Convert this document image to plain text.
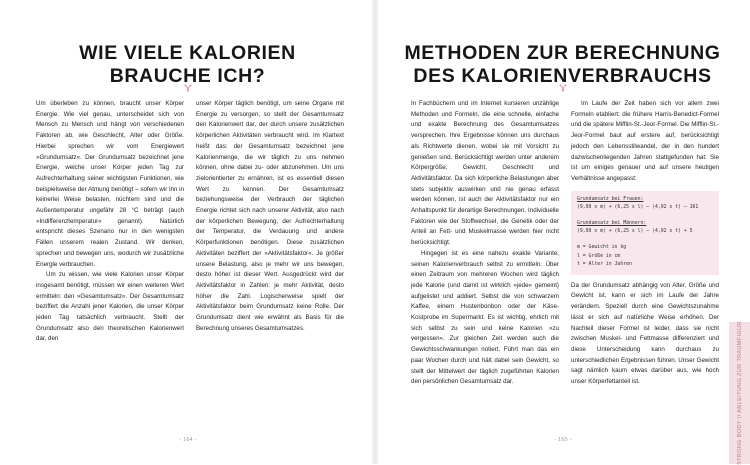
WIE VIELE KALORIEN
BRAUCHE ICH?

Um überleben zu können, braucht unser Körper Energie. Wie viel genau, unterscheidet sich von Mensch zu Mensch und hängt von verschiedenen Faktoren ab, wie Geschlecht, Alter oder Größe. Hierbei sprechen wir vom Energiewert »Grundumsatz«. Der Grundumsatz bezeichnet jene Energie, welche unser Körper jeden Tag zur Aufrechterhaltung seiner wichtigsten Funktionen, wie beispielsweise der Atmung benötigt – sofern wir ihn in keinerlei Weise belasten, nüchtern sind und die Außentemperatur ungefähr 28 °C beträgt (auch »Indifferenztemperatur« genannt). Natürlich entspricht dieses Szenario nur in den wenigsten Fällen unserem realen Zustand. Wir denken, sprechen und bewegen uns, wodurch wir zusätzliche Energie verbrauchen.

Um zu wissen, wie viele Kalorien unser Körper insgesamt benötigt, müssen wir einen weiteren Wert ermitteln: den »Gesamtumsatz«. Der Gesamtumsatz beziffert die Anzahl jener Kalorien, die unser Körper jeden Tag tatsächlich verbraucht. Stellt der Grundumsatz also den theoretischen Kalorienwert dar, den

unser Körper täglich benötigt, um seine Organe mit Energie zu versorgen, so stellt der Gesamtumsatz den Kalorienwert dar, der durch unsere zusätzlichen körperlichen Aktivitäten verbraucht wird. Im Klartext heißt das: der Gesamtumsatz bezeichnet jene Kalorienmenge, die wir täglich zu uns nehmen können, ohne dabei zu- oder abzunehmen. Um uns zielorientierter zu ernähren, ist es essentiell diesen Wert zu kennen. Der Gesamtumsatz beziehungsweise der Verbrauch der täglichen Energie richtet sich nach unserer Aktivität, also nach der körperlichen Bewegung, der Aufrechterhaltung der Temperatur, die Verdauung und andere Körperfunktionen benötigen. Diese zusätzlichen Aktivitäten beziffert der »Aktivitätsfaktor«. Je größer unsere Belastung, also je mehr wir uns bewegen, desto höher ist dieser Wert. Ausgedrückt wird der Aktivitätsfaktor in Zahlen: je mehr Aktivität, desto höher die Zahl. Logischerweise spielt der Aktivitätsfaktor beim Grundumsatz keine Rolle. Der Grundumsatz dient wie erwähnt als Basis für die Berechnung unseres Gesamtumsatzes.

- 164 -
METHODEN ZUR BERECHNUNG
DES KALORIENVERBRAUCHS

In Fachbüchern und im Internet kursieren unzählige Methoden und Formeln, die eine schnelle, einfache und exakte Berechnung des Gesamtumsatzes versprechen. Ihre Ergebnisse können uns durchaus als Richtwerte dienen, wobei sie mit Vorsicht zu genießen sind. Berücksichtigt werden unter anderem Körpergröße, Gewicht, Geschlecht und Aktivitätsfaktor. Da sich körperliche Belastungen aber stets subjektiv auswirken und nie genau erfasst werden können, ist auch der Aktivitätsfaktor nur ein Anhaltspunkt für derartige Berechnungen. Individuelle Faktoren wie der Stoffwechsel, die Genetik oder der Anteil an Fett- und Muskelmasse werden hier nicht berücksichtigt.

Hingegen ist es eine nahezu exakte Variante, seinen Kalorienverbrauch selbst zu ermitteln. Über einen Zeitraum von mehreren Wochen wird täglich jede Kalorie (und damit ist wirklich »jede« gemeint) aufgelistet und addiert. Selbst die von schwarzem Kaffee, einem Hustenbonbon oder der Käse-Kostprobe im Supermarkt. Es ist wichtig, ehrlich mit sich selbst zu sein und keine Kalorien »zu vergessen«. Zur gleichen Zeit werden auch die Gewichtsschwankungen notiert. Führt man das ein paar Wochen durch und hält dabei sein Gewicht, so stellt der Mittelwert der täglich zugeführten Kalorien den persönlichen Gesamtumsatz dar.

Im Laufe der Zeit haben sich vor allem zwei Formeln etabliert: die frühere Harris-Benedict-Formel und die spätere Mifflin-St.-Jeor-Formel. Die Mifflin-St.-Jeor-Formel baut auf erstere auf, berücksichtigt jedoch den Lebensstilwandel, der in den hundert dazwischenliegenden Jahren stattgefunden hat: Sie ist um einiges genauer und auf unsere heutigen Verhältnisse angepasst:

Grundumsatz bei Frauen:
(9,99 x m) + (6,25 x l) – (4,92 x t) – 161
Grundumsatz bei Männern:
(9,99 x m) + (6,25 x l) – (4,92 x t) + 5
m = Gewicht in kg
l = Größe in cm
t = Alter in Jahren

Da der Grundumsatz abhängig von Alter, Größe und Gewicht ist, kann er sich im Laufe der Jahre verändern. Speziell durch eine Gewichtszunahme lässt er sich auf natürliche Weise erhöhen. Der Nachteil dieser Formel ist leider, dass sie nicht zwischen Muskel- und Fettmasse differenziert und diese Unterscheidung kann durchaus zu unterschiedlichen Ergebnissen führen. Unser Gewicht sagt nämlich kaum etwas darüber aus, wie hoch unser Körperfettanteil ist.

- 165 -	STRONG BODY // ANLEITUNG ZUR TRAUMFIGUR
